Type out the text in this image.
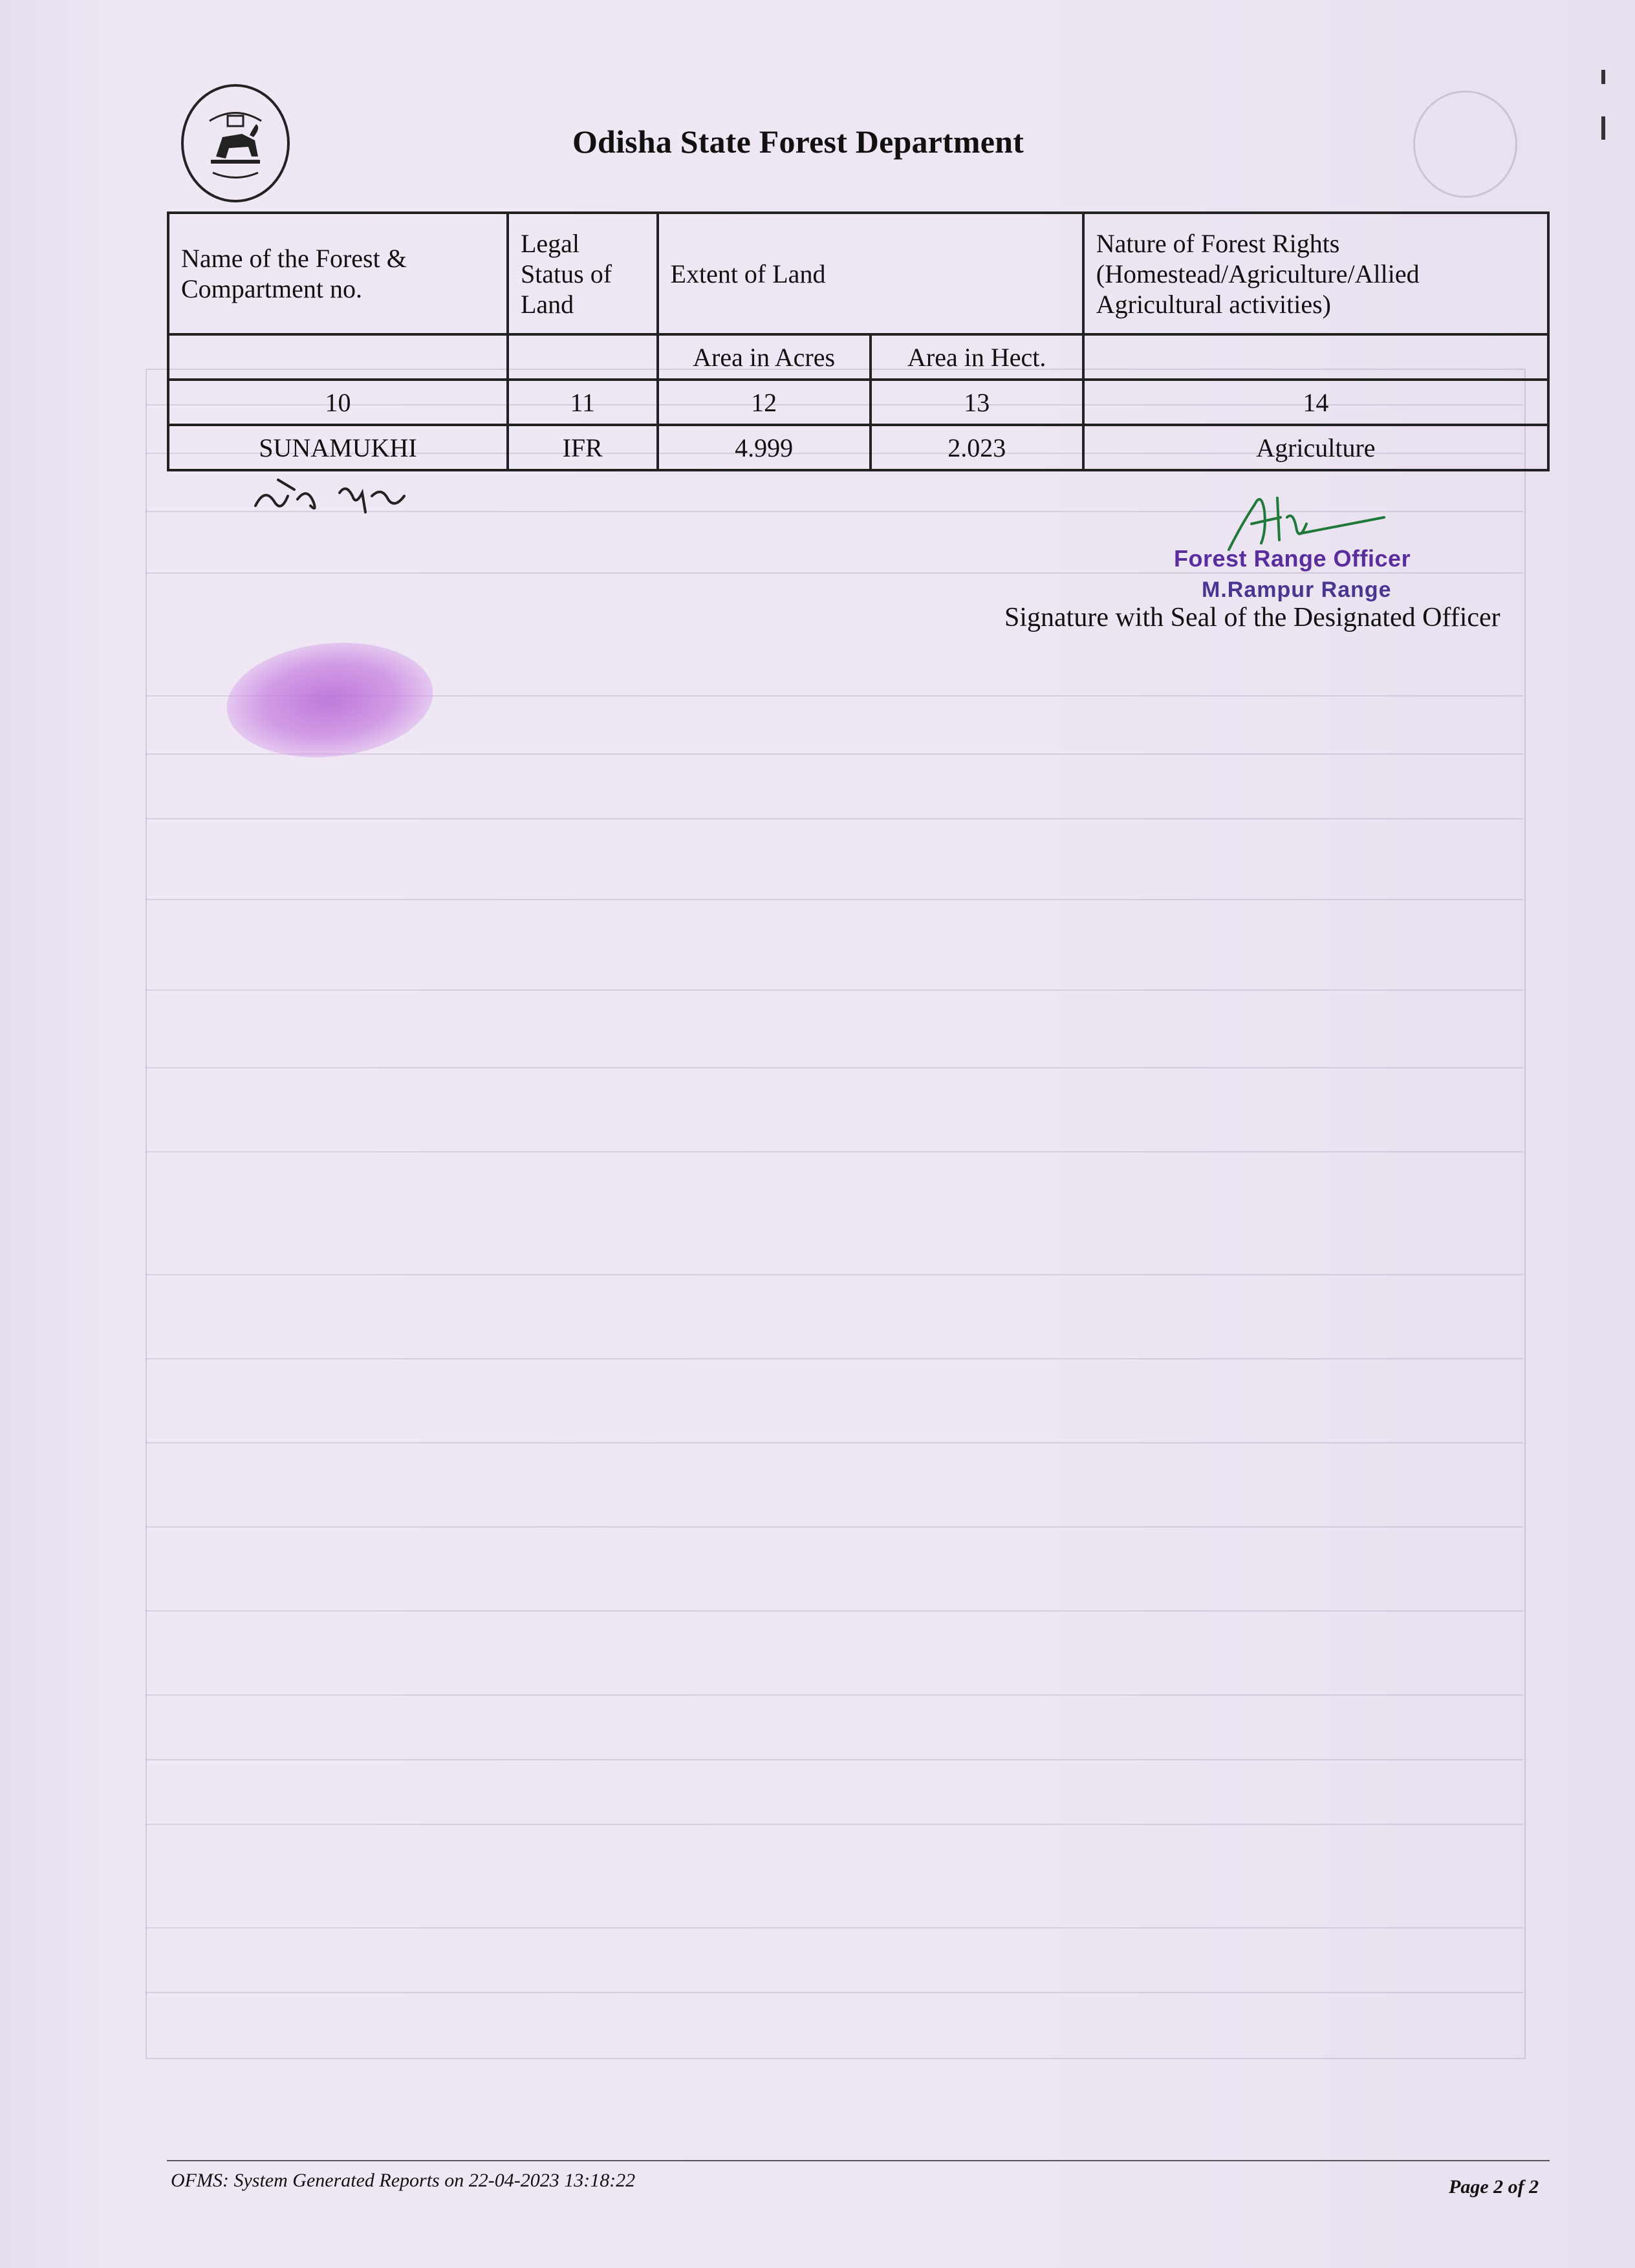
Odisha State Forest Department
Name of the Forest & Compartment no.	Legal Status of Land	Extent of Land		Nature of Forest Rights (Homestead/Agriculture/Allied Agricultural activities)
		Area in Acres	Area in Hect.	
10	11	12	13	14
SUNAMUKHI	IFR	4.999	2.023	Agriculture
Forest Range Officer
M.Rampur Range
Signature with Seal of the Designated Officer
OFMS: System Generated Reports on 22-04-2023 13:18:22	Page 2 of 2
